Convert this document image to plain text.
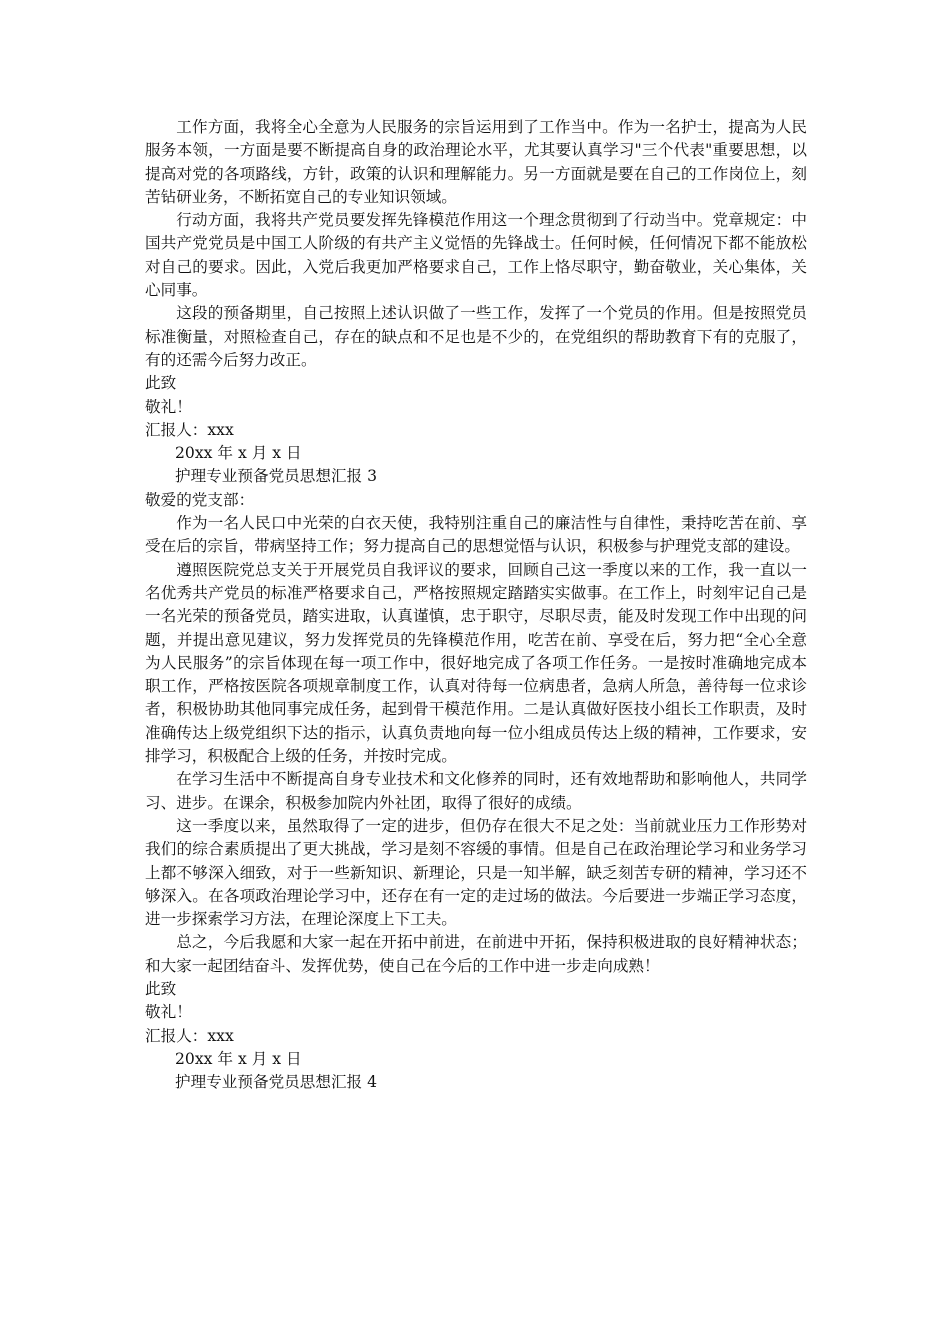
工作方面，我将全心全意为人民服务的宗旨运用到了工作当中。作为一名护士，提高为人民服务本领，一方面是要不断提高自身的政治理论水平，尤其要认真学习"三个代表"重要思想，以提高对党的各项路线，方针，政策的认识和理解能力。另一方面就是要在自己的工作岗位上，刻苦钻研业务，不断拓宽自己的专业知识领域。

行动方面，我将共产党员要发挥先锋模范作用这一个理念贯彻到了行动当中。党章规定：中国共产党党员是中国工人阶级的有共产主义觉悟的先锋战士。任何时候，任何情况下都不能放松对自己的要求。因此，入党后我更加严格要求自己，工作上恪尽职守，勤奋敬业，关心集体，关心同事。

这段的预备期里，自己按照上述认识做了一些工作，发挥了一个党员的作用。但是按照党员标准衡量，对照检查自己，存在的缺点和不足也是不少的，在党组织的帮助教育下有的克服了，有的还需今后努力改正。

此致

敬礼！

汇报人：xxx

20xx 年 x 月 x 日

护理专业预备党员思想汇报 3

敬爱的党支部：

作为一名人民口中光荣的白衣天使，我特别注重自己的廉洁性与自律性，秉持吃苦在前、享受在后的宗旨，带病坚持工作；努力提高自己的思想觉悟与认识，积极参与护理党支部的建设。

遵照医院党总支关于开展党员自我评议的要求，回顾自己这一季度以来的工作，我一直以一名优秀共产党员的标准严格要求自己，严格按照规定踏踏实实做事。在工作上，时刻牢记自己是一名光荣的预备党员，踏实进取，认真谨慎，忠于职守，尽职尽责，能及时发现工作中出现的问题，并提出意见建议，努力发挥党员的先锋模范作用，吃苦在前、享受在后，努力把“全心全意为人民服务”的宗旨体现在每一项工作中，很好地完成了各项工作任务。一是按时准确地完成本职工作，严格按医院各项规章制度工作，认真对待每一位病患者，急病人所急，善待每一位求诊者，积极协助其他同事完成任务，起到骨干模范作用。二是认真做好医技小组长工作职责，及时准确传达上级党组织下达的指示，认真负责地向每一位小组成员传达上级的精神，工作要求，安排学习，积极配合上级的任务，并按时完成。

在学习生活中不断提高自身专业技术和文化修养的同时，还有效地帮助和影响他人，共同学习、进步。在课余，积极参加院内外社团，取得了很好的成绩。

这一季度以来，虽然取得了一定的进步，但仍存在很大不足之处：当前就业压力工作形势对我们的综合素质提出了更大挑战，学习是刻不容缓的事情。但是自己在政治理论学习和业务学习上都不够深入细致，对于一些新知识、新理论，只是一知半解，缺乏刻苦专研的精神，学习还不够深入。在各项政治理论学习中，还存在有一定的走过场的做法。今后要进一步端正学习态度，进一步探索学习方法，在理论深度上下工夫。

总之，今后我愿和大家一起在开拓中前进，在前进中开拓，保持积极进取的良好精神状态；和大家一起团结奋斗、发挥优势，使自己在今后的工作中进一步走向成熟！

此致

敬礼！

汇报人：xxx

20xx 年 x 月 x 日

护理专业预备党员思想汇报 4
